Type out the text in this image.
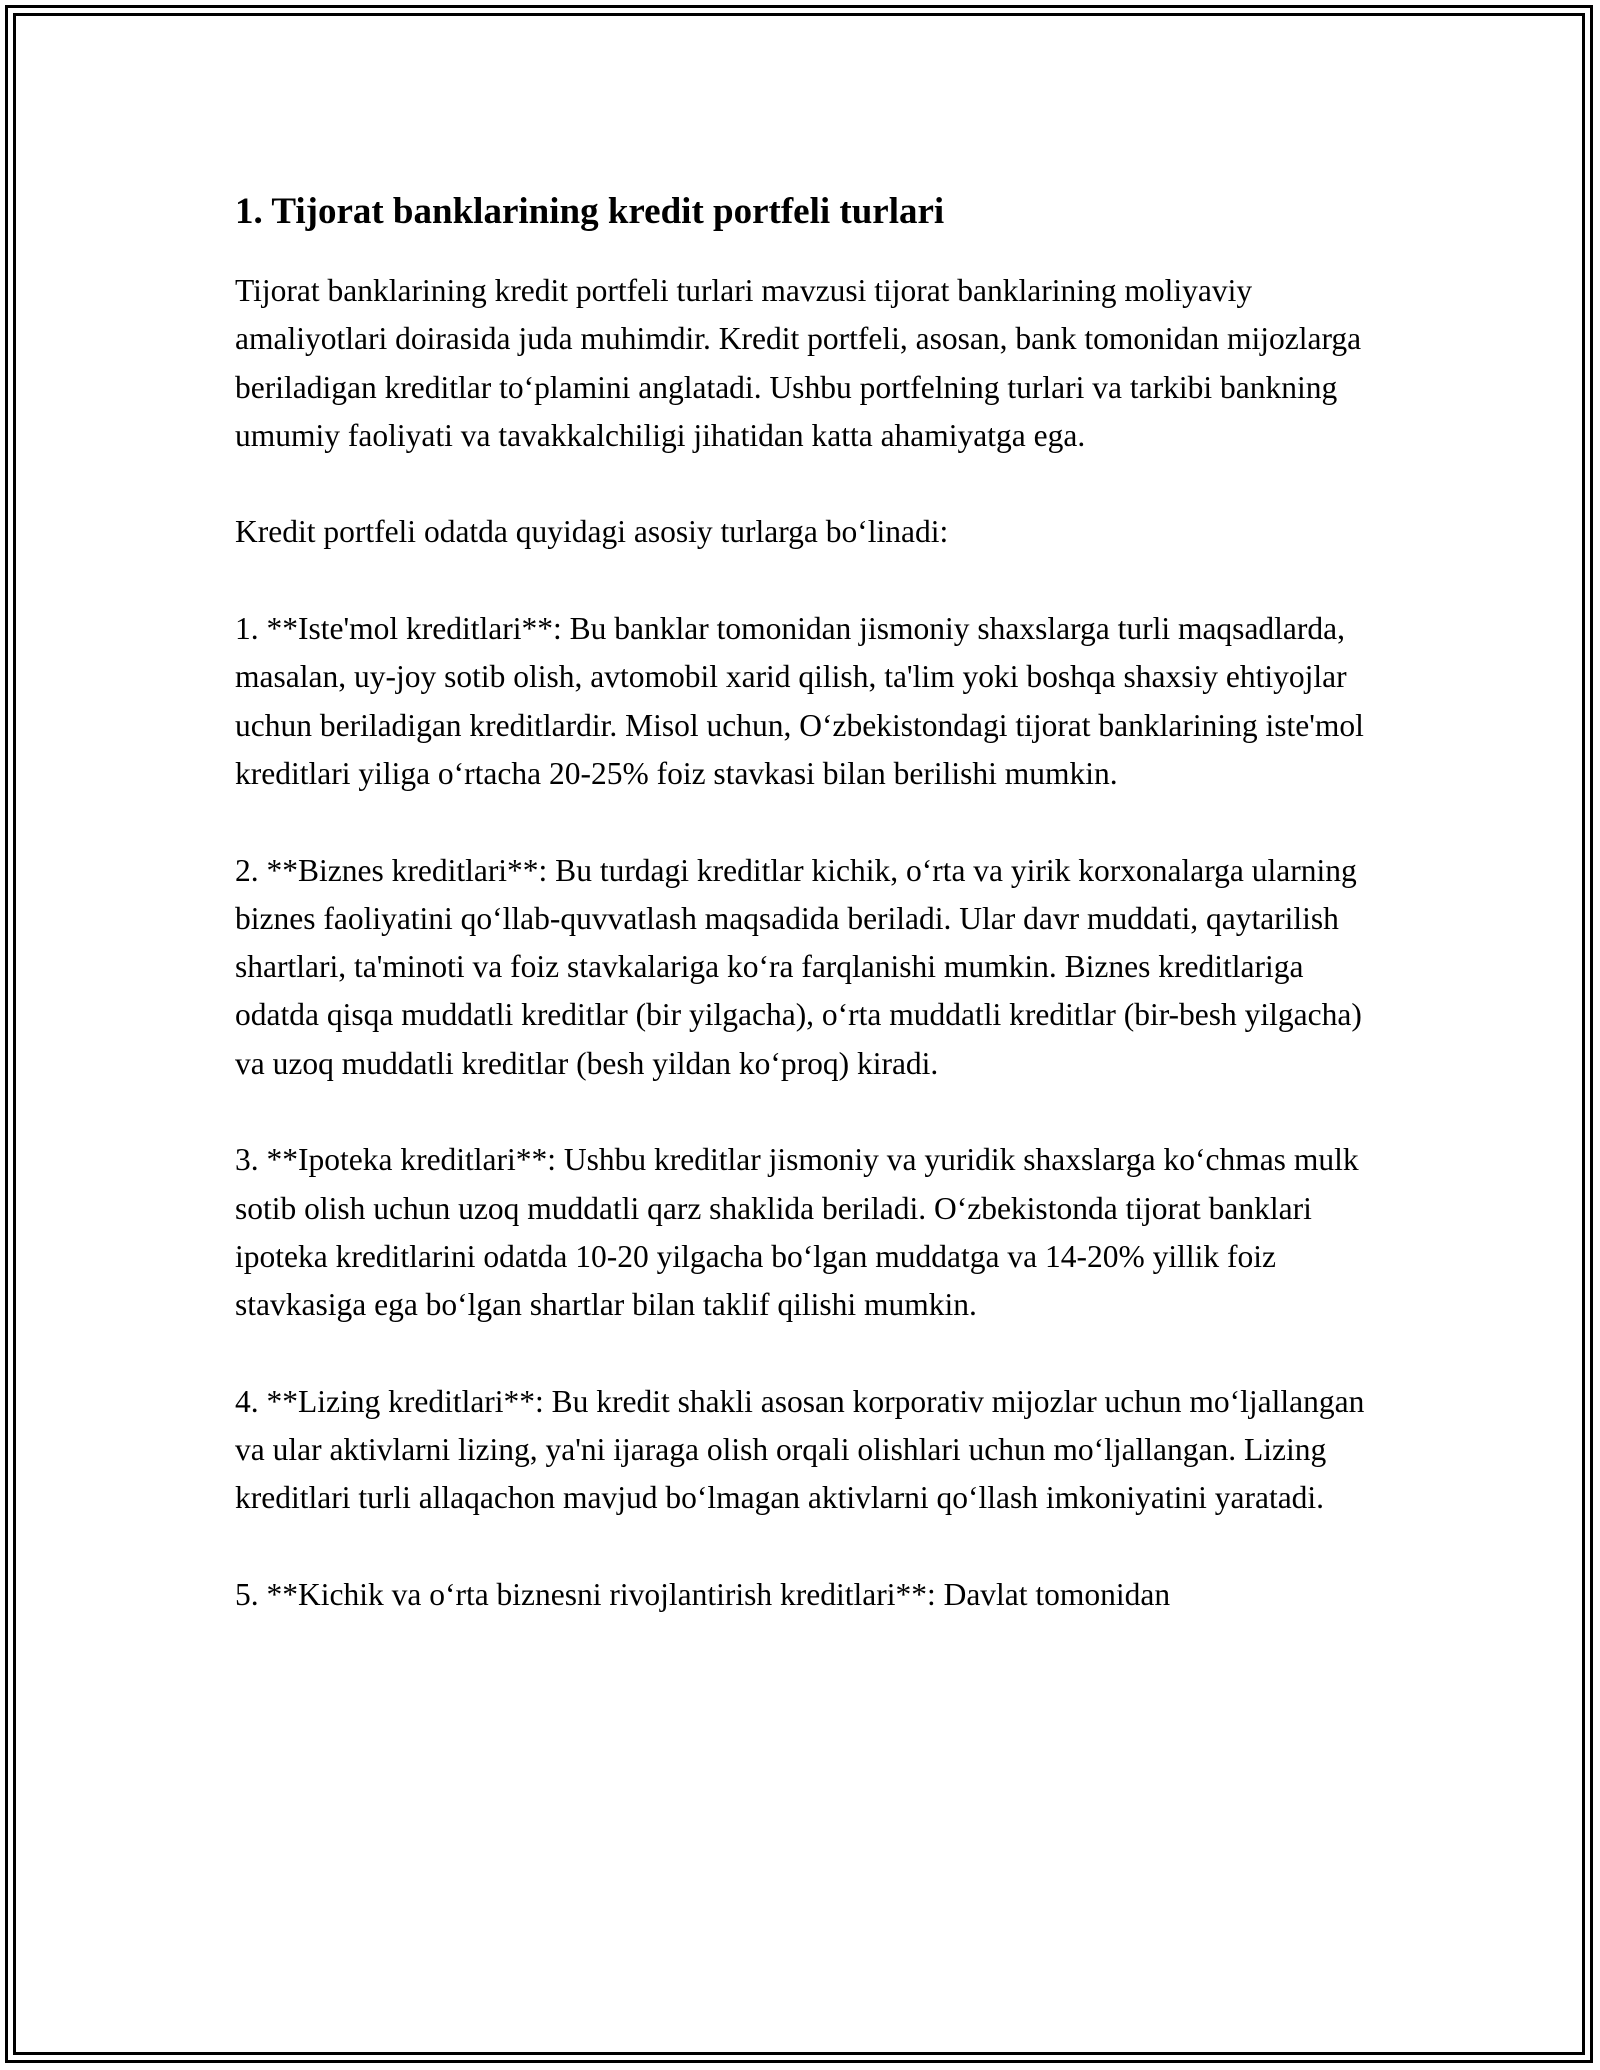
1. Tijorat banklarining kredit portfeli turlari

Tijorat banklarining kredit portfeli turlari mavzusi tijorat banklarining moliyaviy amaliyotlari doirasida juda muhimdir. Kredit portfeli, asosan, bank tomonidan mijozlarga beriladigan kreditlar to‘plamini anglatadi. Ushbu portfelning turlari va tarkibi bankning umumiy faoliyati va tavakkalchiligi jihatidan katta ahamiyatga ega.

Kredit portfeli odatda quyidagi asosiy turlarga bo‘linadi:

1. **Iste'mol kreditlari**: Bu banklar tomonidan jismoniy shaxslarga turli maqsadlarda, masalan, uy-joy sotib olish, avtomobil xarid qilish, ta'lim yoki boshqa shaxsiy ehtiyojlar uchun beriladigan kreditlardir. Misol uchun, O‘zbekistondagi tijorat banklarining iste'mol kreditlari yiliga o‘rtacha 20-25% foiz stavkasi bilan berilishi mumkin.

2. **Biznes kreditlari**: Bu turdagi kreditlar kichik, o‘rta va yirik korxonalarga ularning biznes faoliyatini qo‘llab-quvvatlash maqsadida beriladi. Ular davr muddati, qaytarilish shartlari, ta'minoti va foiz stavkalariga ko‘ra farqlanishi mumkin. Biznes kreditlariga odatda qisqa muddatli kreditlar (bir yilgacha), o‘rta muddatli kreditlar (bir-besh yilgacha) va uzoq muddatli kreditlar (besh yildan ko‘proq) kiradi.

3. **Ipoteka kreditlari**: Ushbu kreditlar jismoniy va yuridik shaxslarga ko‘chmas mulk sotib olish uchun uzoq muddatli qarz shaklida beriladi. O‘zbekistonda tijorat banklari ipoteka kreditlarini odatda 10-20 yilgacha bo‘lgan muddatga va 14-20% yillik foiz stavkasiga ega bo‘lgan shartlar bilan taklif qilishi mumkin.

4. **Lizing kreditlari**: Bu kredit shakli asosan korporativ mijozlar uchun mo‘ljallangan va ular aktivlarni lizing, ya'ni ijaraga olish orqali olishlari uchun mo‘ljallangan. Lizing kreditlari turli allaqachon mavjud bo‘lmagan aktivlarni qo‘llash imkoniyatini yaratadi.

5. **Kichik va o‘rta biznesni rivojlantirish kreditlari**: Davlat tomonidan
